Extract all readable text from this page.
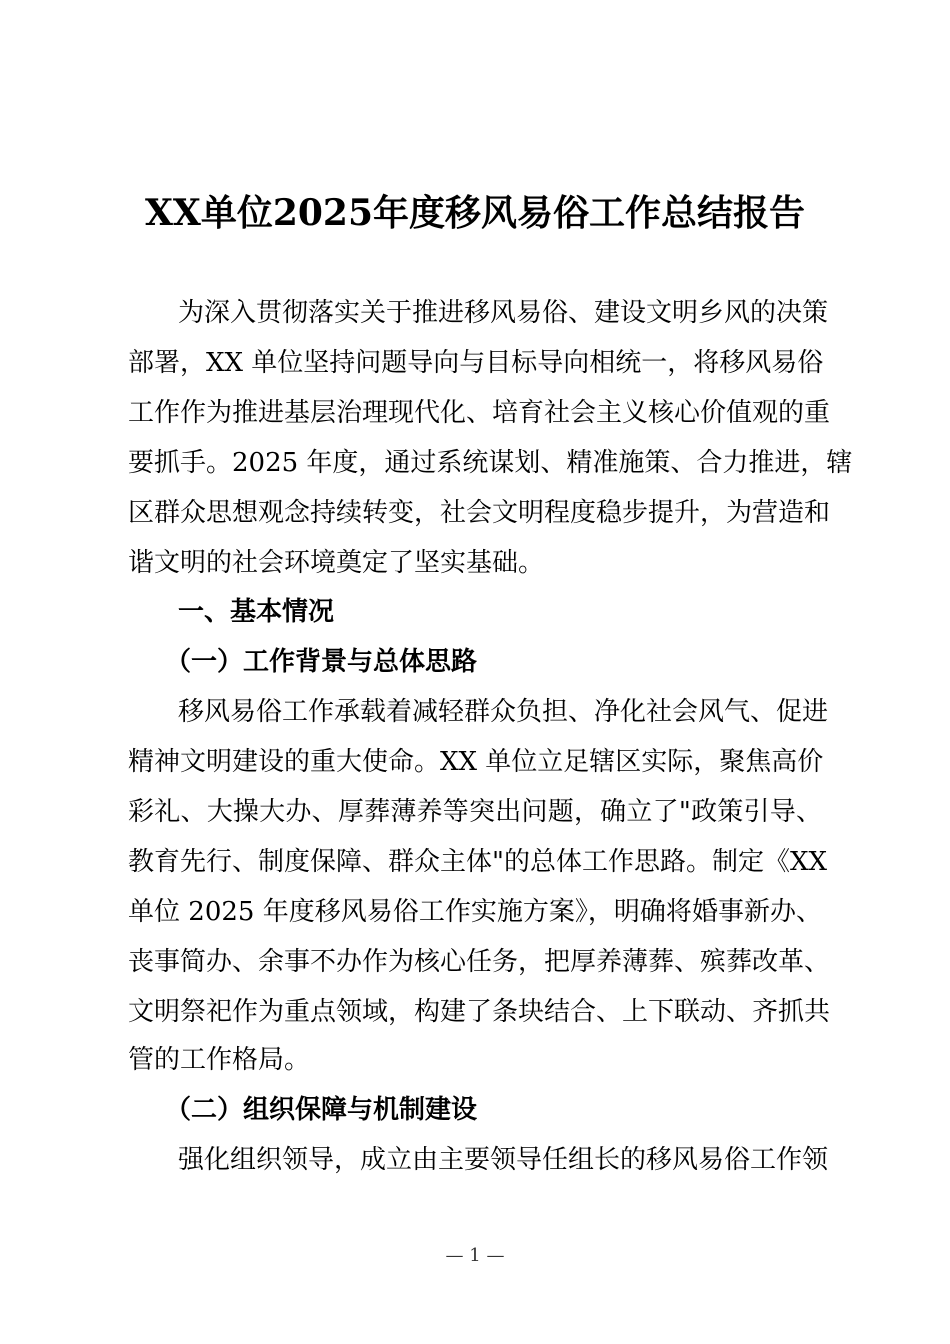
XX单位2025年度移风易俗工作总结报告
为深入贯彻落实关于推进移风易俗、建设文明乡风的决策
部署，XX 单位坚持问题导向与目标导向相统一，将移风易俗
工作作为推进基层治理现代化、培育社会主义核心价值观的重
要抓手。2025 年度，通过系统谋划、精准施策、合力推进，辖
区群众思想观念持续转变，社会文明程度稳步提升，为营造和
谐文明的社会环境奠定了坚实基础。
一、基本情况
（一）工作背景与总体思路
移风易俗工作承载着减轻群众负担、净化社会风气、促进
精神文明建设的重大使命。XX 单位立足辖区实际，聚焦高价
彩礼、大操大办、厚葬薄养等突出问题，确立了"政策引导、
教育先行、制度保障、群众主体"的总体工作思路。制定《XX
单位 2025 年度移风易俗工作实施方案》，明确将婚事新办、
丧事简办、余事不办作为核心任务，把厚养薄葬、殡葬改革、
文明祭祀作为重点领域，构建了条块结合、上下联动、齐抓共
管的工作格局。
（二）组织保障与机制建设
强化组织领导，成立由主要领导任组长的移风易俗工作领
— 1 —
